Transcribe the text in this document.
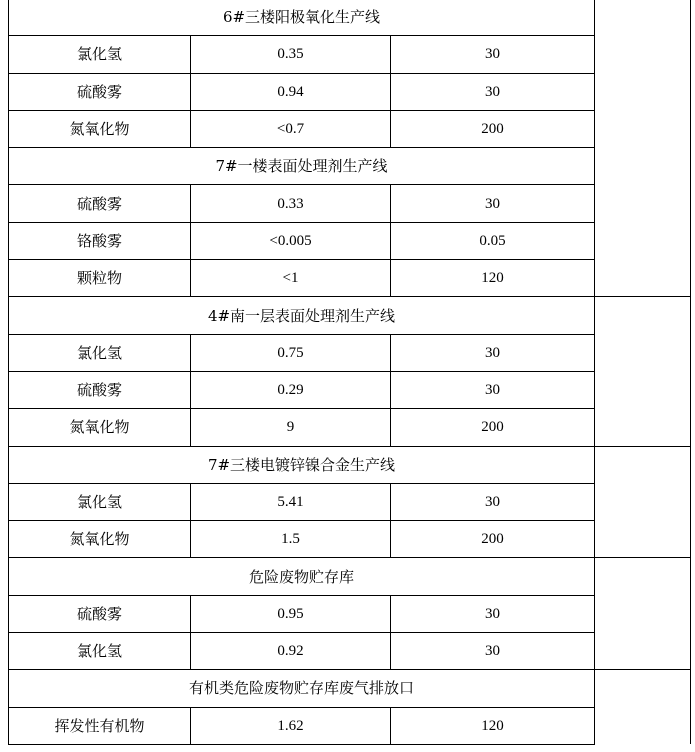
6#三楼阳极氧化生产线			
氯化氢	0.35	30	
硫酸雾	0.94	30	
氮氧化物	<0.7	200	
7#一楼表面处理剂生产线			
硫酸雾	0.33	30	
铬酸雾	<0.005	0.05	
颗粒物	<1	120	
4#南一层表面处理剂生产线			
氯化氢	0.75	30	
硫酸雾	0.29	30	
氮氧化物	9	200	
7#三楼电镀锌镍合金生产线			
氯化氢	5.41	30	
氮氧化物	1.5	200	
危险废物贮存库			
硫酸雾	0.95	30	
氯化氢	0.92	30	
有机类危险废物贮存库废气排放口			
挥发性有机物	1.62	120	
